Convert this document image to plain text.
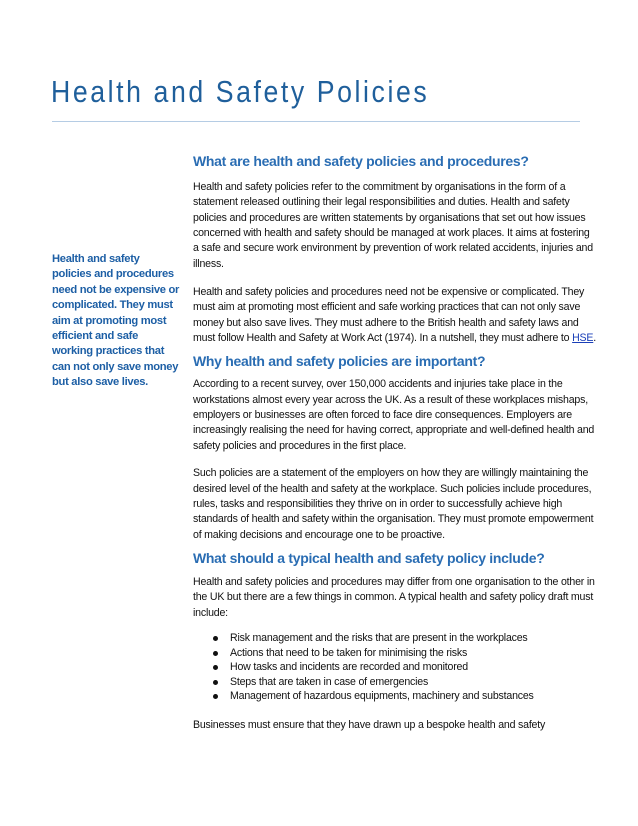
Health and Safety Policies
Health and safety policies and procedures need not be expensive or complicated. They must aim at promoting most efficient and safe working practices that can not only save money but also save lives.
What are health and safety policies and procedures?

Health and safety policies refer to the commitment by organisations in the form of a statement released outlining their legal responsibilities and duties. Health and safety policies and procedures are written statements by organisations that set out how issues concerned with health and safety should be managed at work places. It aims at fostering a safe and secure work environment by prevention of work related accidents, injuries and illness.

Health and safety policies and procedures need not be expensive or complicated. They must aim at promoting most efficient and safe working practices that can not only save money but also save lives. They must adhere to the British health and safety laws and must follow Health and Safety at Work Act (1974). In a nutshell, they must adhere to HSE.

Why health and safety policies are important?

According to a recent survey, over 150,000 accidents and injuries take place in the workstations almost every year across the UK. As a result of these workplaces mishaps, employers or businesses are often forced to face dire consequences. Employers are increasingly realising the need for having correct, appropriate and well-defined health and safety policies and procedures in the first place.

Such policies are a statement of the employers on how they are willingly maintaining the desired level of the health and safety at the workplace. Such policies include procedures, rules, tasks and responsibilities they thrive on in order to successfully achieve high standards of health and safety within the organisation. They must promote empowerment of making decisions and encourage one to be proactive.

What should a typical health and safety policy include?

Health and safety policies and procedures may differ from one organisation to the other in the UK but there are a few things in common. A typical health and safety policy draft must include:

Risk management and the risks that are present in the workplaces
Actions that need to be taken for minimising the risks
How tasks and incidents are recorded and monitored
Steps that are taken in case of emergencies
Management of hazardous equipments, machinery and substances

Businesses must ensure that they have drawn up a bespoke health and safety
